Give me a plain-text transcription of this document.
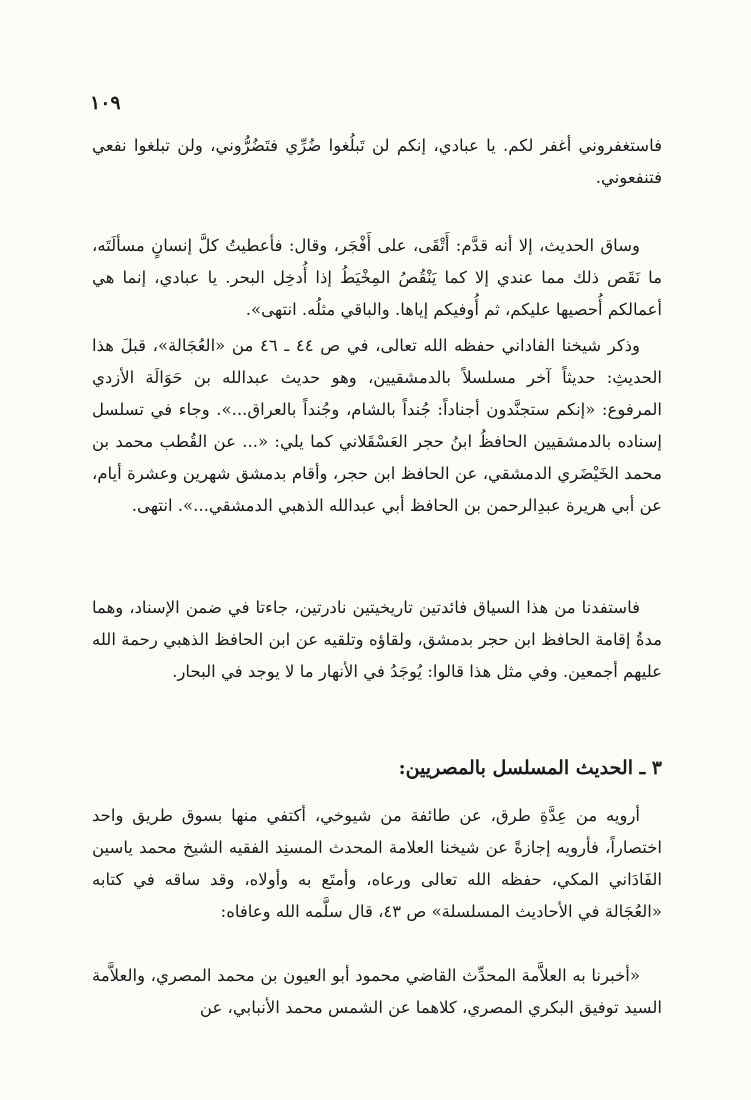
١٠٩

فاستغفروني أغفر لكم. يا عبادي، إنكم لن تَبلُغوا ضُرِّي فتَضُرُّوني، ولن تبلغوا نفعي فتنفعوني.

وساق الحديث، إلا أنه قدَّم: أَتْقَى، على أَفْجَر، وقال: فأعطيتُ كلَّ إنسانٍ مسألَتَه، ما نَقَص ذلك مما عندي إلا كما يَنْقُصُ المِخْيَطُ إذا أُدخِل البحر. يا عبادي، إنما هي أعمالكم أُحصيها عليكم، ثم أُوفيكم إياها. والباقي مثلُه. انتهى».

وذكر شيخنا الفاداني حفظه الله تعالى، في ص ٤٤ ـ ٤٦ من «العُجَالة»، قبلَ هذا الحديثِ: حديثاً آخر مسلسلاً بالدمشقيين، وهو حديث عبدالله بن حَوَالَة الأزدي المرفوع: «إنكم ستجنَّدون أجناداً: جُنداً بالشام، وجُنداً بالعراق...». وجاء في تسلسل إسناده بالدمشقيين الحافظُ ابنُ حجر العَسْقَلاني كما يلي: «... عن القُطب محمد بن محمد الخَيْضَري الدمشقي، عن الحافظ ابن حجر، وأقام بدمشق شهرين وعشرة أيام، عن أبي هريرة عبدِالرحمن بن الحافظ أبي عبدالله الذهبي الدمشقي...». انتهى.

فاستفدنا من هذا السياق فائدتين تاريخيتين نادرتين، جاءتا في ضمن الإسناد، وهما مدةُ إقامة الحافظ ابن حجر بدمشق، ولقاؤه وتلقيه عن ابن الحافظ الذهبي رحمة الله عليهم أجمعين. وفي مثل هذا قالوا: يُوجَدُ في الأنهار ما لا يوجد في البحار.

٣ ـ الحديث المسلسل بالمصريين:

أرويه من عِدَّةِ طرق، عن طائفة من شيوخي، أكتفي منها بسوق طريق واحد اختصاراً، فأرويه إجازةً عن شيخنا العلامة المحدث المسنِد الفقيه الشيخ محمد ياسين الفَادَاني المكي، حفظه الله تعالى ورعاه، وأمتَع به وأولاه، وقد ساقه في كتابه «العُجَالة في الأحاديث المسلسلة» ص ٤٣، قال سلَّمه الله وعافاه:

«أخبرنا به العلاَّمة المحدِّث القاضي محمود أبو العيون بن محمد المصري، والعلاَّمة السيد توفيق البكري المصري، كلاهما عن الشمس محمد الأنبابي، عن
